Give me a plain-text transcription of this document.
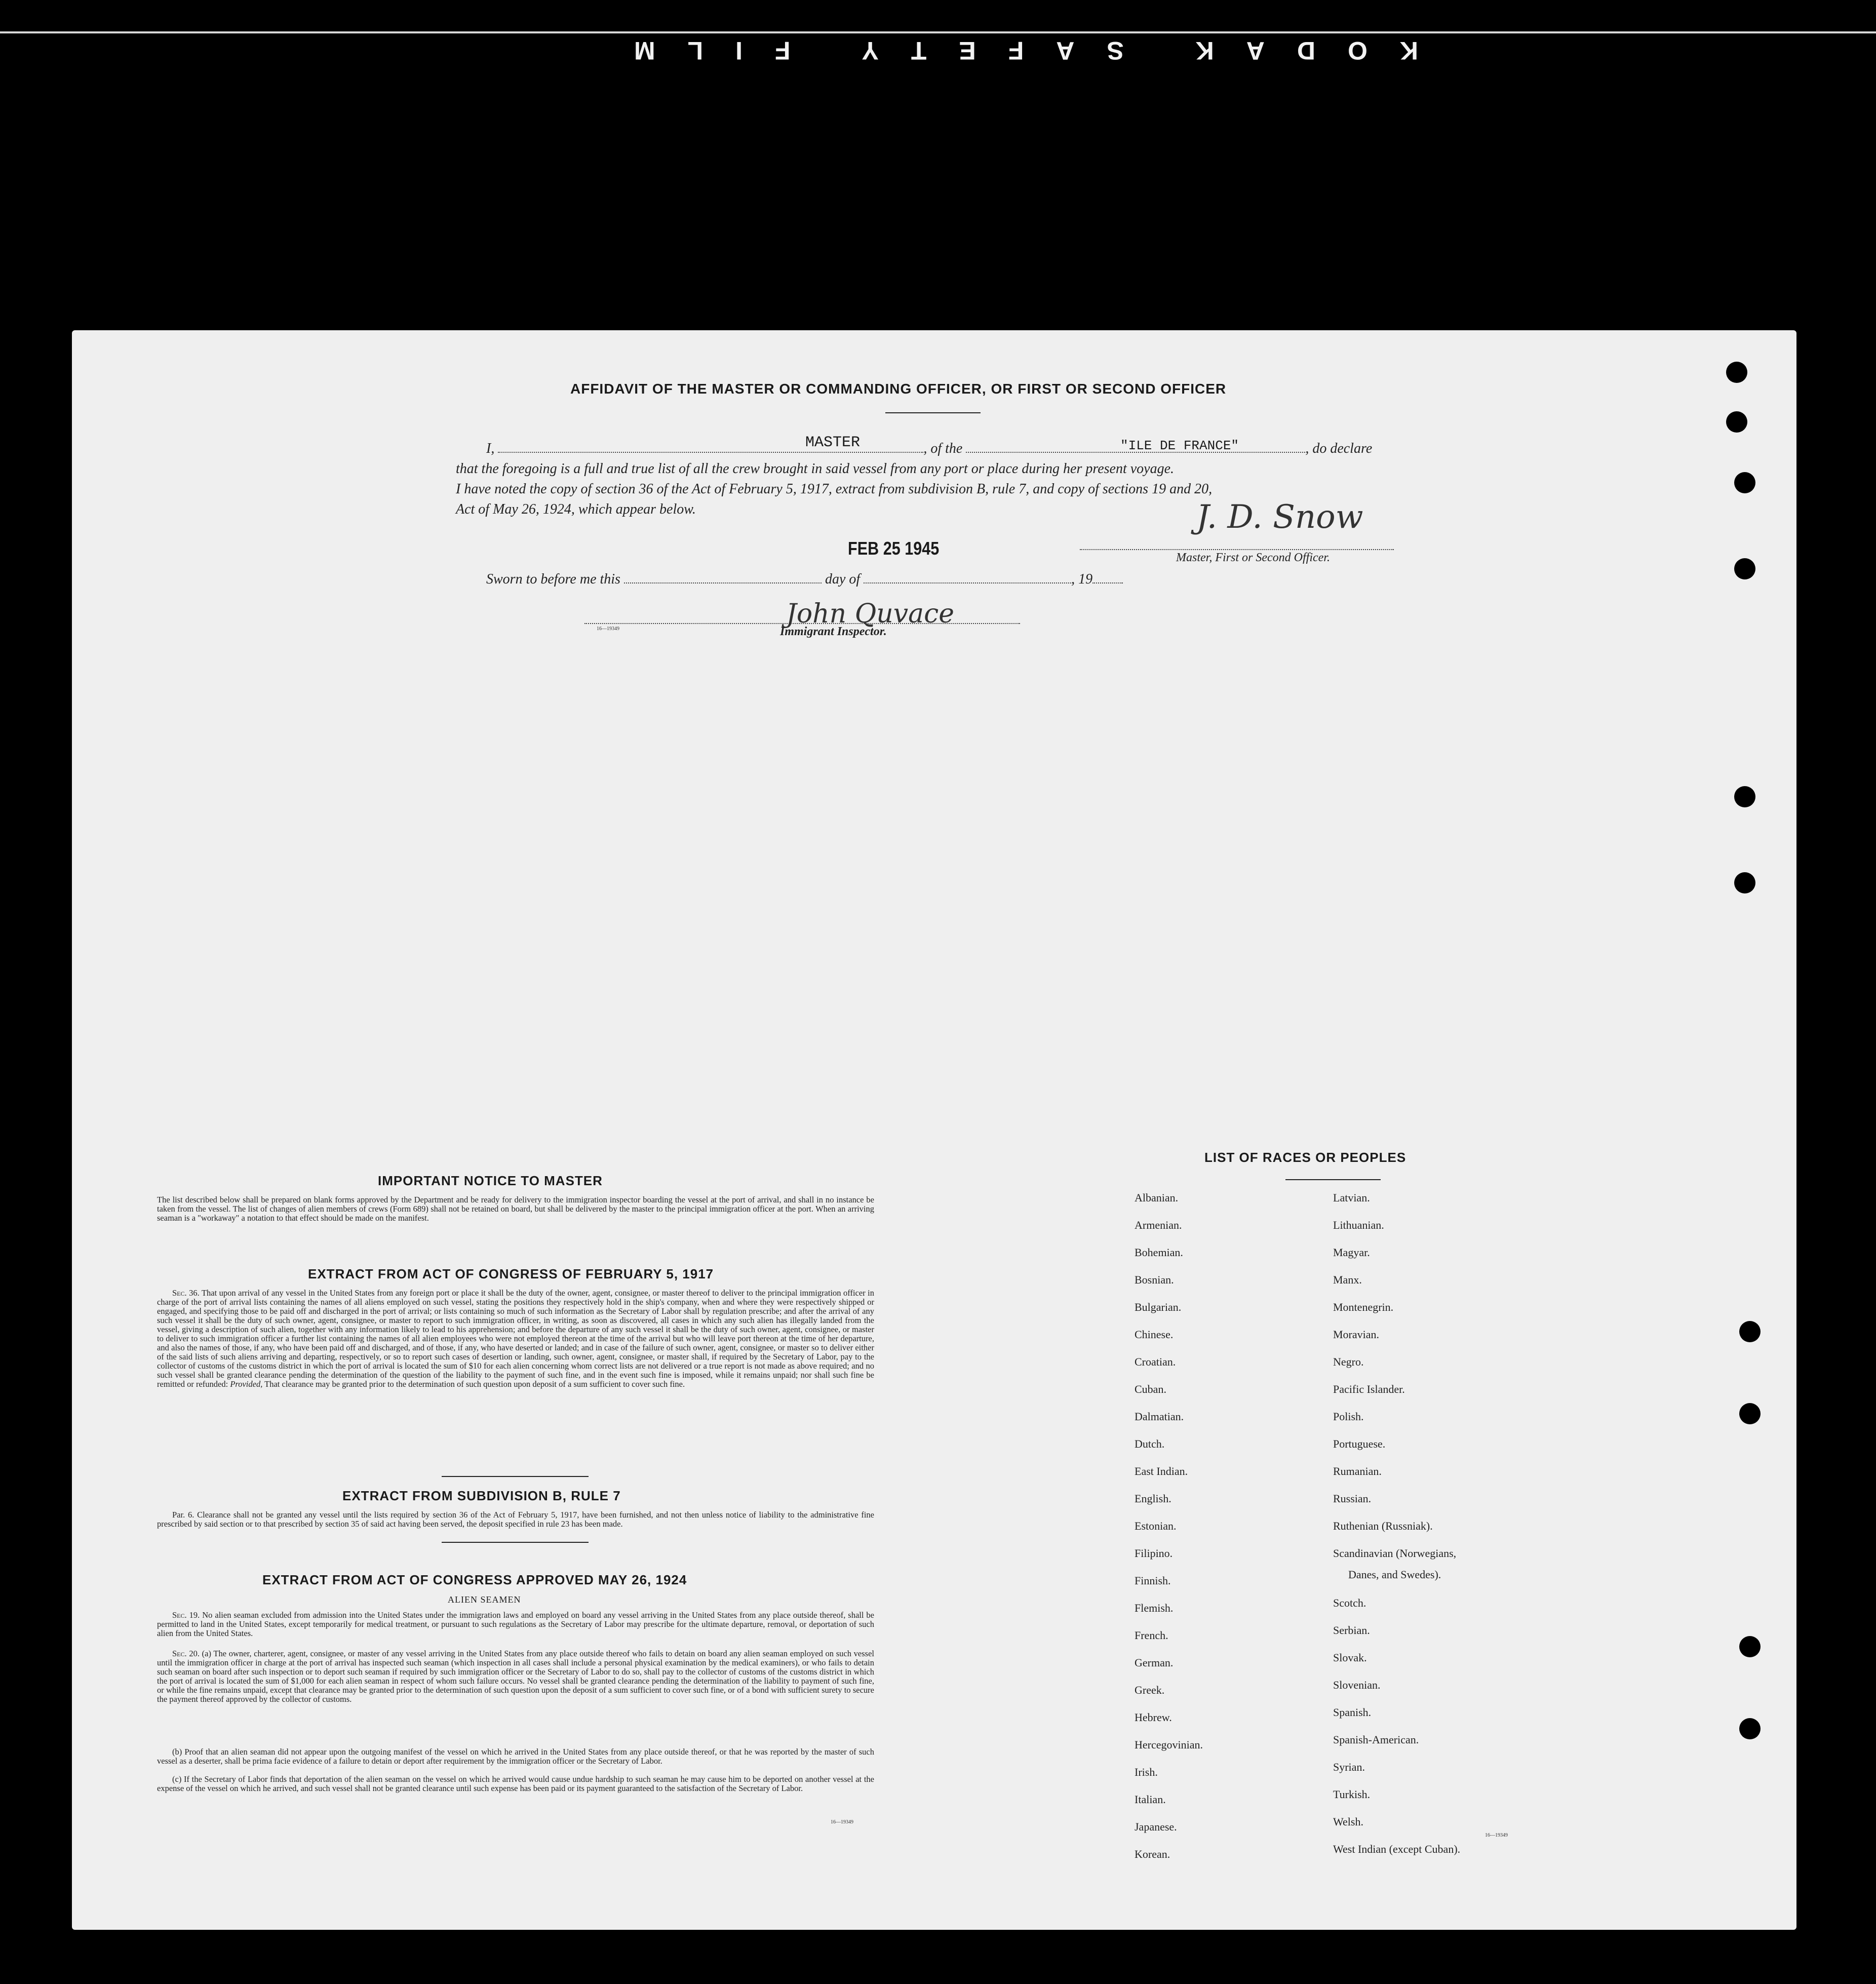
KODAK SAFETY FILM
AFFIDAVIT OF THE MASTER OR COMMANDING OFFICER, OR FIRST OR SECOND OFFICER
I,	, of the	, do declare
MASTER	"ILE DE FRANCE"
that the foregoing is a full and true list of all the crew brought in said vessel from any port or place during her present voyage.
I have noted the copy of section 36 of the Act of February 5, 1917, extract from subdivision B, rule 7, and copy of sections 19 and 20,
Act of May 26, 1924, which appear below.
FEB 25 1945
J. D. Snow
Master, First or Second Officer.
Sworn to before me this	day of	, 19
16—19349	John Quvace
Immigrant Inspector.
IMPORTANT NOTICE TO MASTER
The list described below shall be prepared on blank forms approved by the Department and be ready for delivery to the immigration inspector boarding the vessel at the port of arrival, and shall in no instance be taken from the vessel. The list of changes of alien members of crews (Form 689) shall not be retained on board, but shall be delivered by the master to the principal immigration officer at the port. When an arriving seaman is a "workaway" a notation to that effect should be made on the manifest.
EXTRACT FROM ACT OF CONGRESS OF FEBRUARY 5, 1917
Sec. 36. That upon arrival of any vessel in the United States from any foreign port or place it shall be the duty of the owner, agent, consignee, or master thereof to deliver to the principal immigration officer in charge of the port of arrival lists containing the names of all aliens employed on such vessel, stating the positions they respectively hold in the ship's company, when and where they were respectively shipped or engaged, and specifying those to be paid off and discharged in the port of arrival; or lists containing so much of such information as the Secretary of Labor shall by regulation prescribe; and after the arrival of any such vessel it shall be the duty of such owner, agent, consignee, or master to report to such immigration officer, in writing, as soon as discovered, all cases in which any such alien has illegally landed from the vessel, giving a description of such alien, together with any information likely to lead to his apprehension; and before the departure of any such vessel it shall be the duty of such owner, agent, consignee, or master to deliver to such immigration officer a further list containing the names of all alien employees who were not employed thereon at the time of the arrival but who will leave port thereon at the time of her departure, and also the names of those, if any, who have been paid off and discharged, and of those, if any, who have deserted or landed; and in case of the failure of such owner, agent, consignee, or master so to deliver either of the said lists of such aliens arriving and departing, respectively, or so to report such cases of desertion or landing, such owner, agent, consignee, or master shall, if required by the Secretary of Labor, pay to the collector of customs of the customs district in which the port of arrival is located the sum of $10 for each alien concerning whom correct lists are not delivered or a true report is not made as above required; and no such vessel shall be granted clearance pending the determination of the question of the liability to the payment of such fine, and in the event such fine is imposed, while it remains unpaid; nor shall such fine be remitted or refunded: Provided, That clearance may be granted prior to the determination of such question upon deposit of a sum sufficient to cover such fine.
EXTRACT FROM SUBDIVISION B, RULE 7
Par. 6. Clearance shall not be granted any vessel until the lists required by section 36 of the Act of February 5, 1917, have been furnished, and not then unless notice of liability to the administrative fine prescribed by said section or to that prescribed by section 35 of said act having been served, the deposit specified in rule 23 has been made.
EXTRACT FROM ACT OF CONGRESS APPROVED MAY 26, 1924
ALIEN SEAMEN
Sec. 19. No alien seaman excluded from admission into the United States under the immigration laws and employed on board any vessel arriving in the United States from any place outside thereof, shall be permitted to land in the United States, except temporarily for medical treatment, or pursuant to such regulations as the Secretary of Labor may prescribe for the ultimate departure, removal, or deportation of such alien from the United States.
Sec. 20. (a) The owner, charterer, agent, consignee, or master of any vessel arriving in the United States from any place outside thereof who fails to detain on board any alien seaman employed on such vessel until the immigration officer in charge at the port of arrival has inspected such seaman (which inspection in all cases shall include a personal physical examination by the medical examiners), or who fails to detain such seaman on board after such inspection or to deport such seaman if required by such immigration officer or the Secretary of Labor to do so, shall pay to the collector of customs of the customs district in which the port of arrival is located the sum of $1,000 for each alien seaman in respect of whom such failure occurs. No vessel shall be granted clearance pending the determination of the liability to payment of such fine, or while the fine remains unpaid, except that clearance may be granted prior to the determination of such question upon the deposit of a sum sufficient to cover such fine, or of a bond with sufficient surety to secure the payment thereof approved by the collector of customs.
(b) Proof that an alien seaman did not appear upon the outgoing manifest of the vessel on which he arrived in the United States from any place outside thereof, or that he was reported by the master of such vessel as a deserter, shall be prima facie evidence of a failure to detain or deport after requirement by the immigration officer or the Secretary of Labor.
(c) If the Secretary of Labor finds that deportation of the alien seaman on the vessel on which he arrived would cause undue hardship to such seaman he may cause him to be deported on another vessel at the expense of the vessel on which he arrived, and such vessel shall not be granted clearance until such expense has been paid or its payment guaranteed to the satisfaction of the Secretary of Labor.
16—19349
LIST OF RACES OR PEOPLES
Albanian.
Armenian.
Bohemian.
Bosnian.
Bulgarian.
Chinese.
Croatian.
Cuban.
Dalmatian.
Dutch.
East Indian.
English.
Estonian.
Filipino.
Finnish.
Flemish.
French.
German.
Greek.
Hebrew.
Hercegovinian.
Irish.
Italian.
Japanese.
Korean.
Latvian.
Lithuanian.
Magyar.
Manx.
Montenegrin.
Moravian.
Negro.
Pacific Islander.
Polish.
Portuguese.
Rumanian.
Russian.
Ruthenian (Russniak).
Scandinavian (Norwegians,
Scotch.
Serbian.
Slovak.
Slovenian.
Spanish.
Spanish-American.
Syrian.
Turkish.
Welsh.
West Indian (except Cuban).
Danes, and Swedes).
16—19349
